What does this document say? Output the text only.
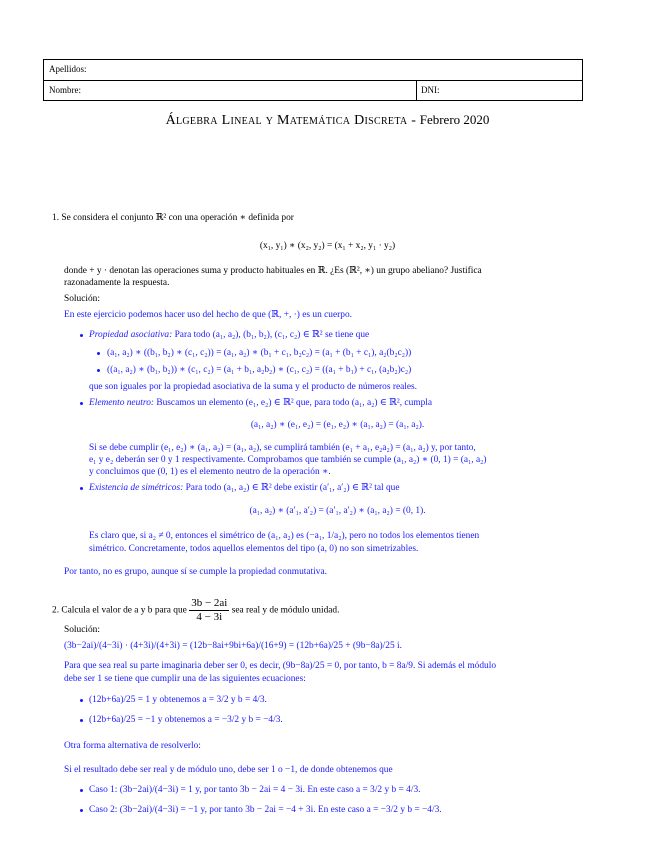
Apellidos:
Nombre:	DNI:
Álgebra Lineal y Matemática Discreta - Febrero 2020
1. Se considera el conjunto ℝ² con una operación ∗ definida por
(x₁, y₁) ∗ (x₂, y₂) = (x₁ + x₂, y₁ · y₂)
donde + y · denotan las operaciones suma y producto habituales en ℝ. ¿Es (ℝ², ∗) un grupo abeliano? Justifica
razonadamente la respuesta.
Solución:
En este ejercicio podemos hacer uso del hecho de que (ℝ, +, ·) es un cuerpo.
Propiedad asociativa: Para todo (a₁, a₂), (b₁, b₂), (c₁, c₂) ∈ ℝ² se tiene que
(a₁, a₂) ∗ ((b₁, b₂) ∗ (c₁, c₂)) = (a₁, a₂) ∗ (b₁ + c₁, b₂c₂) = (a₁ + (b₁ + c₁), a₂(b₂c₂))
((a₁, a₂) ∗ (b₁, b₂)) ∗ (c₁, c₂) = (a₁ + b₁, a₂b₂) ∗ (c₁, c₂) = ((a₁ + b₁) + c₁, (a₂b₂)c₂)
que son iguales por la propiedad asociativa de la suma y el producto de números reales.
Elemento neutro: Buscamos un elemento (e₁, e₂) ∈ ℝ² que, para todo (a₁, a₂) ∈ ℝ², cumpla
(a₁, a₂) ∗ (e₁, e₂) = (e₁, e₂) ∗ (a₁, a₂) = (a₁, a₂).
Si se debe cumplir (e₁, e₂) ∗ (a₁, a₂) = (a₁, a₂), se cumplirá también (e₁ + a₁, e₂a₂) = (a₁, a₂) y, por tanto,
e₁ y e₂ deberán ser 0 y 1 respectivamente. Comprobamos que también se cumple (a₁, a₂) ∗ (0, 1) = (a₁, a₂)
y concluimos que (0, 1) es el elemento neutro de la operación ∗.
Existencia de simétricos: Para todo (a₁, a₂) ∈ ℝ² debe existir (a′₁, a′₂) ∈ ℝ² tal que
(a₁, a₂) ∗ (a′₁, a′₂) = (a′₁, a′₂) ∗ (a₁, a₂) = (0, 1).
Es claro que, si a₂ ≠ 0, entonces el simétrico de (a₁, a₂) es (−a₁, 1/a₂), pero no todos los elementos tienen
simétrico. Concretamente, todos aquellos elementos del tipo (a, 0) no son simetrizables.
Por tanto, no es grupo, aunque sí se cumple la propiedad conmutativa.
2. Calcula el valor de a y b para que $\frac{3b - 2ai}{4 - 3i}$ sea real y de módulo unidad.
Solución:
(3b−2ai)/(4−3i) · (4+3i)/(4+3i) = (12b−8ai+9bi+6a)/(16+9) = (12b+6a)/25 + (9b−8a)/25 i.
Para que sea real su parte imaginaria deber ser 0, es decir, (9b−8a)/25 = 0, por tanto, b = 8a/9. Si además el módulo
debe ser 1 se tiene que cumplir una de las siguientes ecuaciones:
(12b+6a)/25 = 1 y obtenemos a = 3/2 y b = 4/3.
(12b+6a)/25 = −1 y obtenemos a = −3/2 y b = −4/3.
Otra forma alternativa de resolverlo:
Si el resultado debe ser real y de módulo uno, debe ser 1 o −1, de donde obtenemos que
Caso 1: (3b−2ai)/(4−3i) = 1 y, por tanto 3b − 2ai = 4 − 3i. En este caso a = 3/2 y b = 4/3.
Caso 2: (3b−2ai)/(4−3i) = −1 y, por tanto 3b − 2ai = −4 + 3i. En este caso a = −3/2 y b = −4/3.
